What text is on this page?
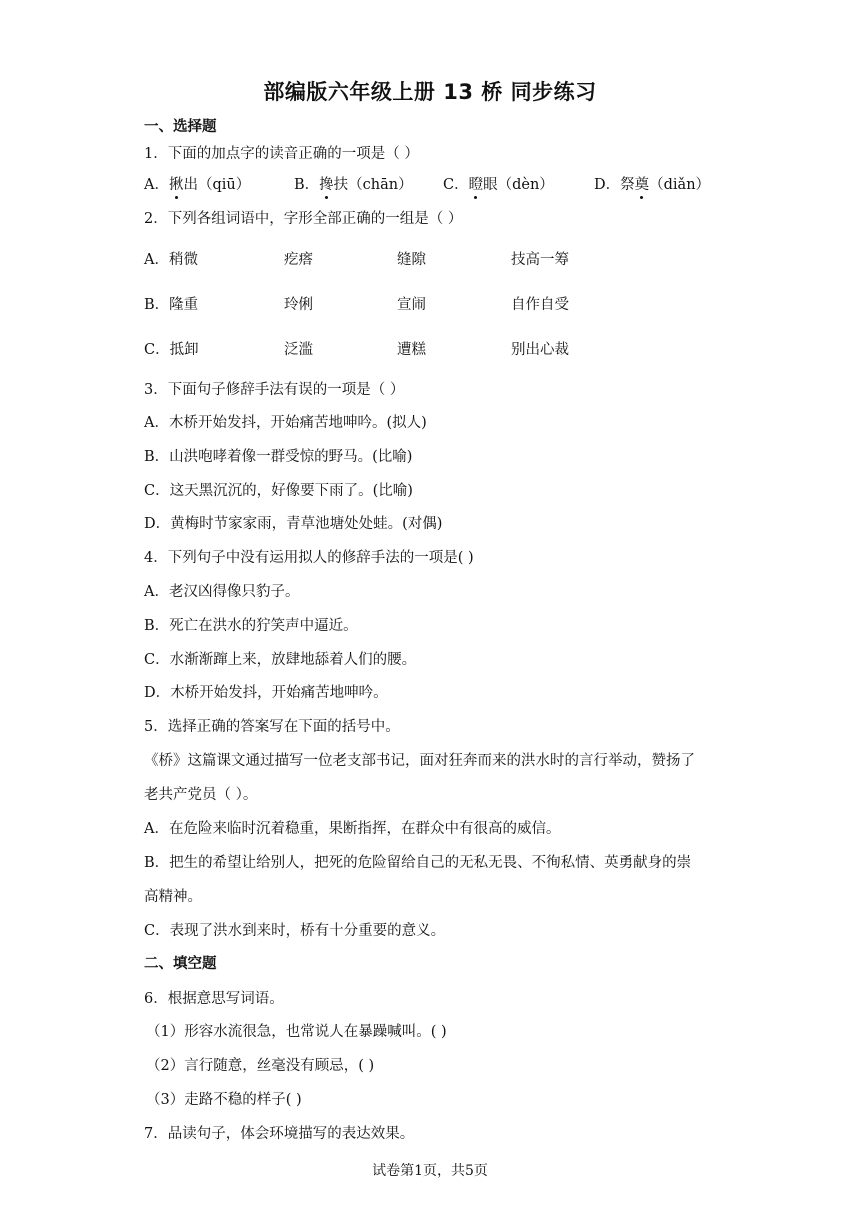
部编版六年级上册 13 桥 同步练习
一、选择题
1．下面的加点字的读音正确的一项是（ ）
A．揪出（qiū）	B．搀扶（chān） C．瞪眼（dèn）	D．祭奠（diǎn）
2．下列各组词语中，字形全部正确的一组是（ ）
A．稍微	疙瘩	缝隙	技高一筹
B．隆重	玲俐	宣闹	自作自受
C．抵卸	泛滥	遭糕	别出心裁
3．下面句子修辞手法有误的一项是（ ）
A．木桥开始发抖，开始痛苦地呻吟。(拟人)
B．山洪咆哮着像一群受惊的野马。(比喻)
C．这天黑沉沉的，好像要下雨了。(比喻)
D．黄梅时节家家雨，青草池塘处处蛙。(对偶)
4．下列句子中没有运用拟人的修辞手法的一项是( )
A．老汉凶得像只豹子。
B．死亡在洪水的狞笑声中逼近。
C．水渐渐蹿上来，放肆地舔着人们的腰。
D．木桥开始发抖，开始痛苦地呻吟。
5．选择正确的答案写在下面的括号中。
《桥》这篇课文通过描写一位老支部书记，面对狂奔而来的洪水时的言行举动，赞扬了
老共产党员（ ）。
A．在危险来临时沉着稳重，果断指挥，在群众中有很高的威信。
B．把生的希望让给别人，把死的危险留给自己的无私无畏、不徇私情、英勇献身的崇
高精神。
C．表现了洪水到来时，桥有十分重要的意义。
二、填空题
6．根据意思写词语。
（1）形容水流很急，也常说人在暴躁喊叫。( )
（2）言行随意，丝毫没有顾忌，( )
（3）走路不稳的样子( )
7．品读句子，体会环境描写的表达效果。
试卷第1页，共5页
